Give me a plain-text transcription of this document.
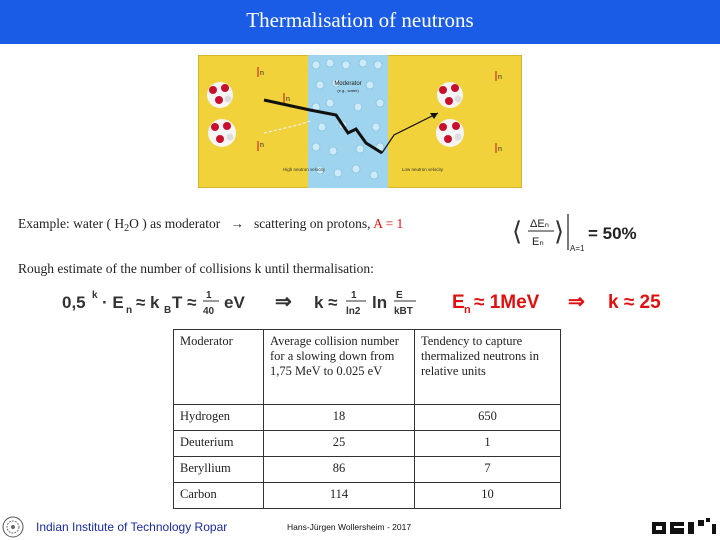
Thermalisation of neutrons
Moderator
(e.g., water)
n
n
n
n
n
High neutron velocity	Low neutron velocity
Example: water ( $H_2O$ ) as moderator → scattering on protons, A = 1	⟨ ΔEₙ
Eₙ ⟩
A=1
= 50%
Rough estimate of the number of collisions k until thermalisation:
0,5 k · E n ≈ k B T ≈ 1
40 eV ⇒ k ≈ 1
ln2 ln E
kBT E n ≈ 1MeV ⇒ k ≈ 25
Moderator	Average collision number for a slowing down from 1,75 MeV to 0.025 eV	Tendency to capture thermalized neutrons in relative units
Hydrogen	18	650
Deuterium	25	1
Beryllium	86	7
Carbon	114	10
Indian Institute of Technology Ropar	Hans-Jürgen Wollersheim - 2017
